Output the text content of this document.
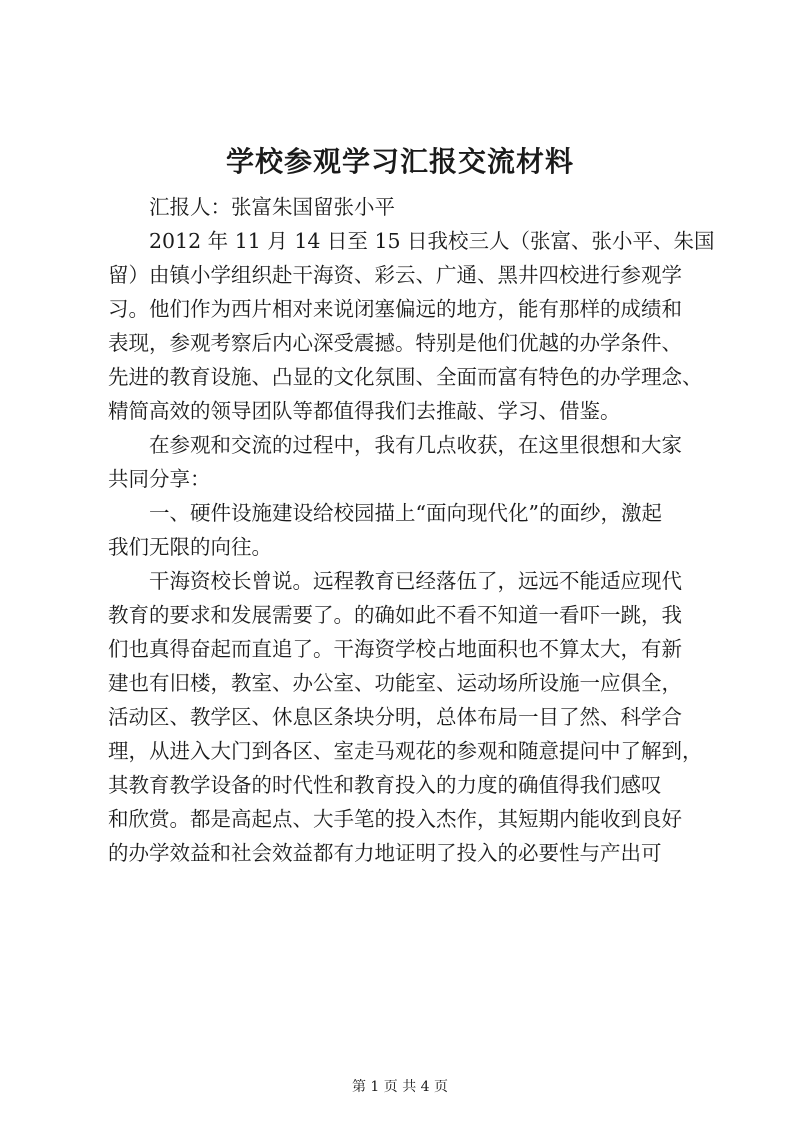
学校参观学习汇报交流材料
汇报人：张富朱国留张小平
2012 年 11 月 14 日至 15 日我校三人（张富、张小平、朱国
留）由镇小学组织赴干海资、彩云、广通、黑井四校进行参观学
习。他们作为西片相对来说闭塞偏远的地方，能有那样的成绩和
表现，参观考察后内心深受震撼。特别是他们优越的办学条件、
先进的教育设施、凸显的文化氛围、全面而富有特色的办学理念、
精简高效的领导团队等都值得我们去推敲、学习、借鉴。
在参观和交流的过程中，我有几点收获，在这里很想和大家
共同分享：
一、硬件设施建设给校园描上“面向现代化”的面纱，激起
我们无限的向往。
干海资校长曾说。远程教育已经落伍了，远远不能适应现代
教育的要求和发展需要了。的确如此不看不知道一看吓一跳，我
们也真得奋起而直追了。干海资学校占地面积也不算太大，有新
建也有旧楼，教室、办公室、功能室、运动场所设施一应俱全，
活动区、教学区、休息区条块分明，总体布局一目了然、科学合
理，从进入大门到各区、室走马观花的参观和随意提问中了解到，
其教育教学设备的时代性和教育投入的力度的确值得我们感叹
和欣赏。都是高起点、大手笔的投入杰作，其短期内能收到良好
的办学效益和社会效益都有力地证明了投入的必要性与产出可
第 1 页 共 4 页
